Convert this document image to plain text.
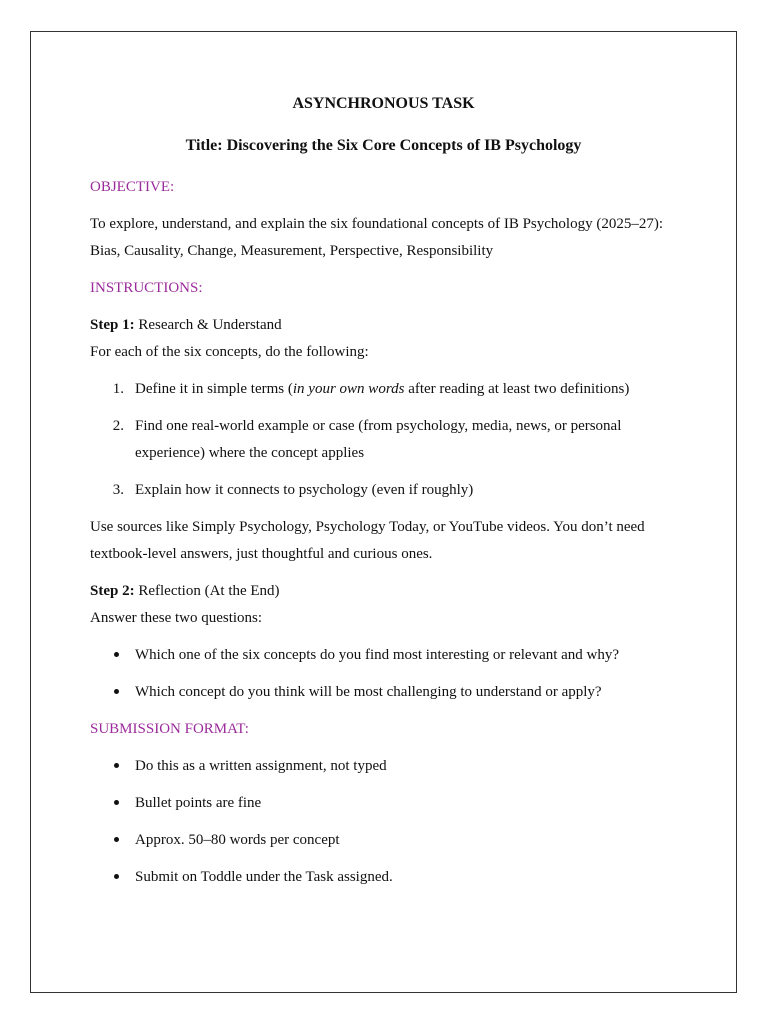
ASYNCHRONOUS TASK
Title: Discovering the Six Core Concepts of IB Psychology
OBJECTIVE:
To explore, understand, and explain the six foundational concepts of IB Psychology (2025–27):
Bias, Causality, Change, Measurement, Perspective, Responsibility
INSTRUCTIONS:
Step 1: Research & Understand
For each of the six concepts, do the following:
1. Define it in simple terms (in your own words after reading at least two definitions)
2. Find one real-world example or case (from psychology, media, news, or personal
experience) where the concept applies
3. Explain how it connects to psychology (even if roughly)
Use sources like Simply Psychology, Psychology Today, or YouTube videos. You don’t need
textbook-level answers, just thoughtful and curious ones.
Step 2: Reflection (At the End)
Answer these two questions:
Which one of the six concepts do you find most interesting or relevant and why?
Which concept do you think will be most challenging to understand or apply?
SUBMISSION FORMAT:
Do this as a written assignment, not typed
Bullet points are fine
Approx. 50–80 words per concept
Submit on Toddle under the Task assigned.
